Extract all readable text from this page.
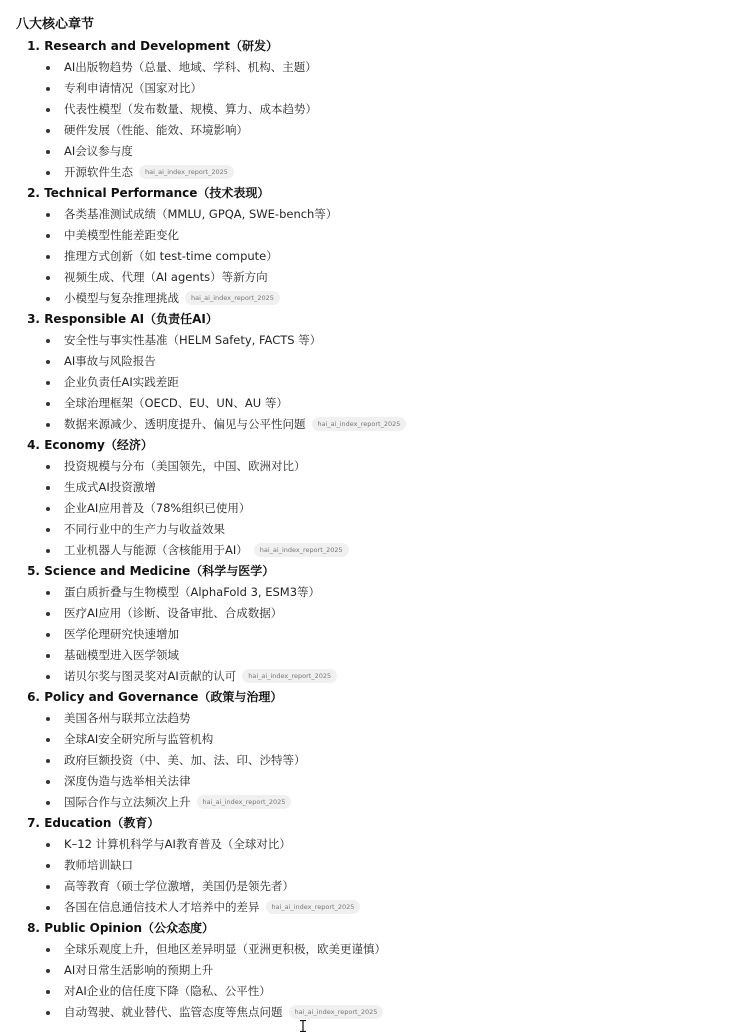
八大核心章节
1. Research and Development（研发）
AI出版物趋势（总量、地域、学科、机构、主题）
专利申请情况（国家对比）
代表性模型（发布数量、规模、算力、成本趋势）
硬件发展（性能、能效、环境影响）
AI会议参与度
开源软件生态 hai_ai_index_report_2025
2. Technical Performance（技术表现）
各类基准测试成绩（MMLU, GPQA, SWE-bench等）
中美模型性能差距变化
推理方式创新（如 test-time compute）
视频生成、代理（AI agents）等新方向
小模型与复杂推理挑战 hai_ai_index_report_2025
3. Responsible AI（负责任AI）
安全性与事实性基准（HELM Safety, FACTS 等）
AI事故与风险报告
企业负责任AI实践差距
全球治理框架（OECD、EU、UN、AU 等）
数据来源减少、透明度提升、偏见与公平性问题 hai_ai_index_report_2025
4. Economy（经济）
投资规模与分布（美国领先，中国、欧洲对比）
生成式AI投资激增
企业AI应用普及（78%组织已使用）
不同行业中的生产力与收益效果
工业机器人与能源（含核能用于AI） hai_ai_index_report_2025
5. Science and Medicine（科学与医学）
蛋白质折叠与生物模型（AlphaFold 3, ESM3等）
医疗AI应用（诊断、设备审批、合成数据）
医学伦理研究快速增加
基础模型进入医学领域
诺贝尔奖与图灵奖对AI贡献的认可 hai_ai_index_report_2025
6. Policy and Governance（政策与治理）
美国各州与联邦立法趋势
全球AI安全研究所与监管机构
政府巨额投资（中、美、加、法、印、沙特等）
深度伪造与选举相关法律
国际合作与立法频次上升 hai_ai_index_report_2025
7. Education（教育）
K–12 计算机科学与AI教育普及（全球对比）
教师培训缺口
高等教育（硕士学位激增，美国仍是领先者）
各国在信息通信技术人才培养中的差异 hai_ai_index_report_2025
8. Public Opinion（公众态度）
全球乐观度上升，但地区差异明显（亚洲更积极，欧美更谨慎）
AI对日常生活影响的预期上升
对AI企业的信任度下降（隐私、公平性）
自动驾驶、就业替代、监管态度等焦点问题 hai_ai_index_report_2025
